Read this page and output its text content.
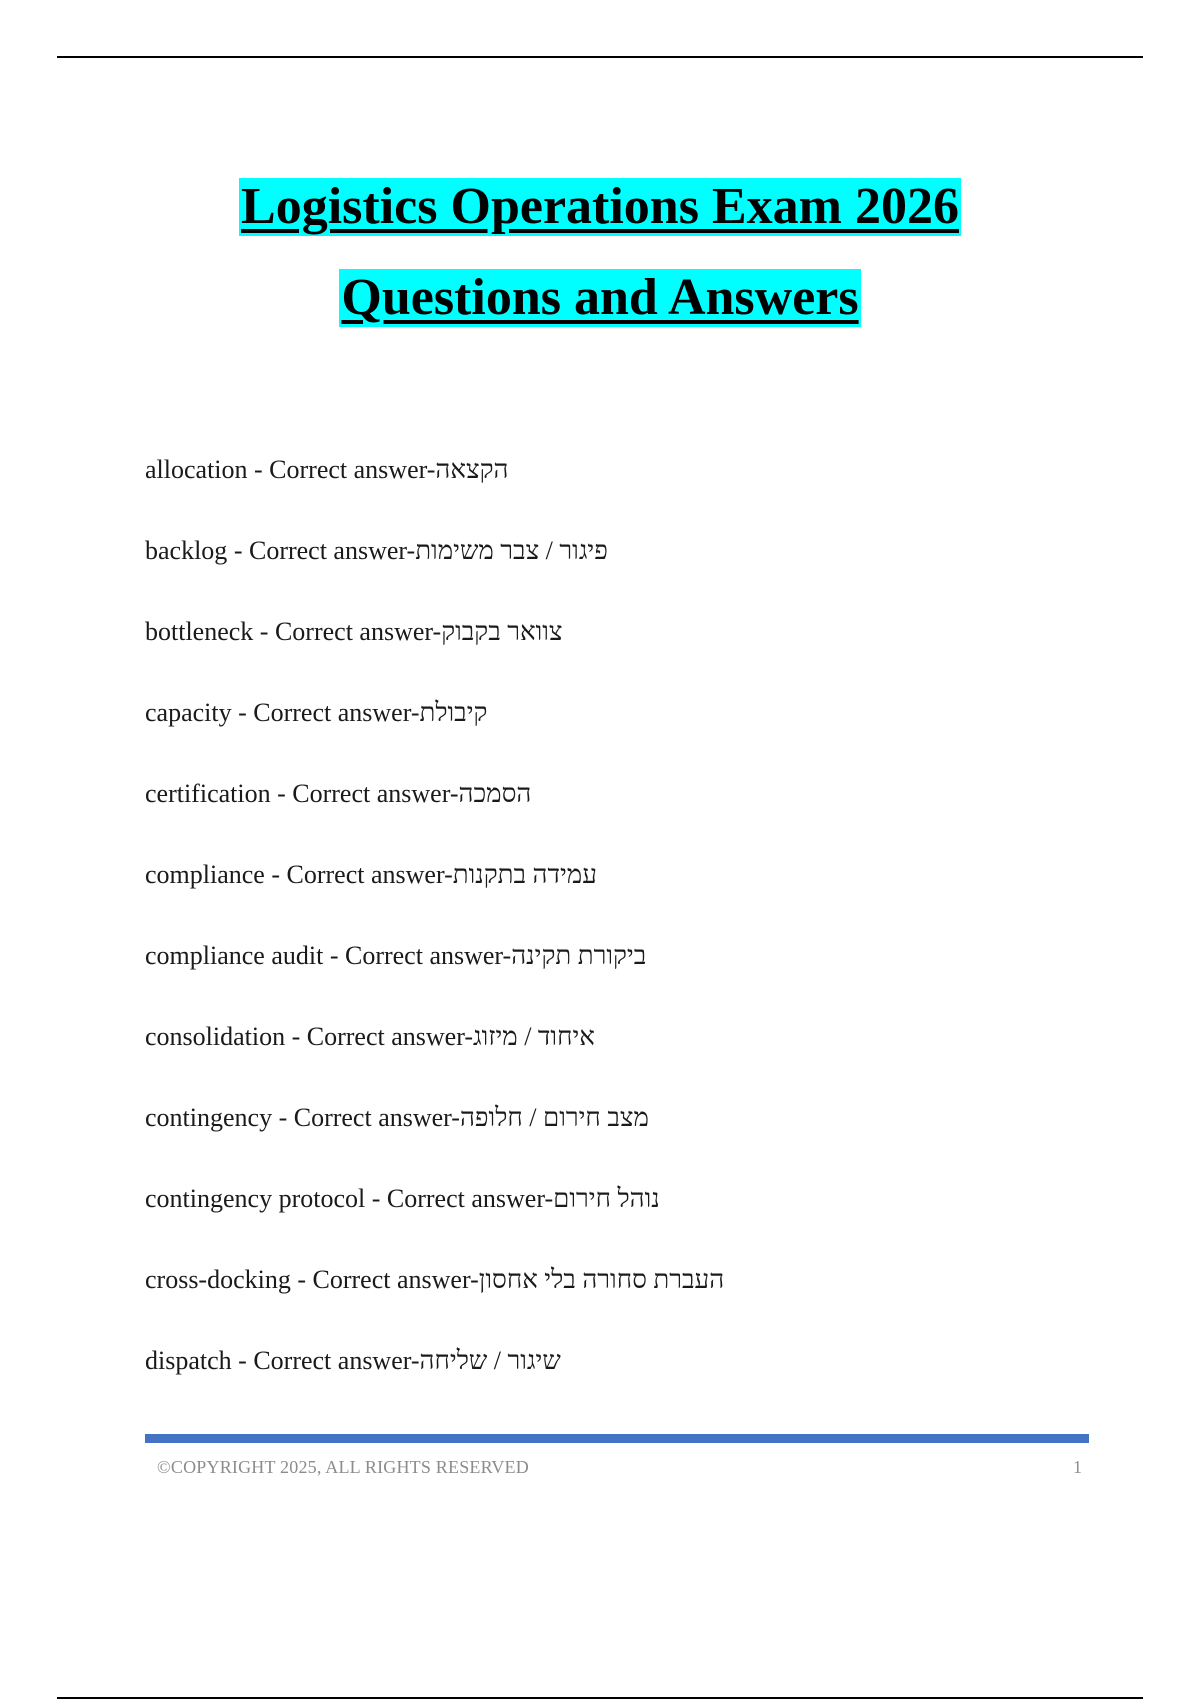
Logistics Operations Exam 2026
Questions and Answers
allocation - Correct answer-הקצאה
backlog - Correct answer-פיגור / צבר משימות
bottleneck - Correct answer-צוואר בקבוק
capacity - Correct answer-קיבולת
certification - Correct answer-הסמכה
compliance - Correct answer-עמידה בתקנות
compliance audit - Correct answer-ביקורת תקינה
consolidation - Correct answer-איחוד / מיזוג
contingency - Correct answer-מצב חירום / חלופה
contingency protocol - Correct answer-נוהל חירום
cross-docking - Correct answer-העברת סחורה בלי אחסון
dispatch - Correct answer-שיגור / שליחה
©COPYRIGHT 2025, ALL RIGHTS RESERVED	1
